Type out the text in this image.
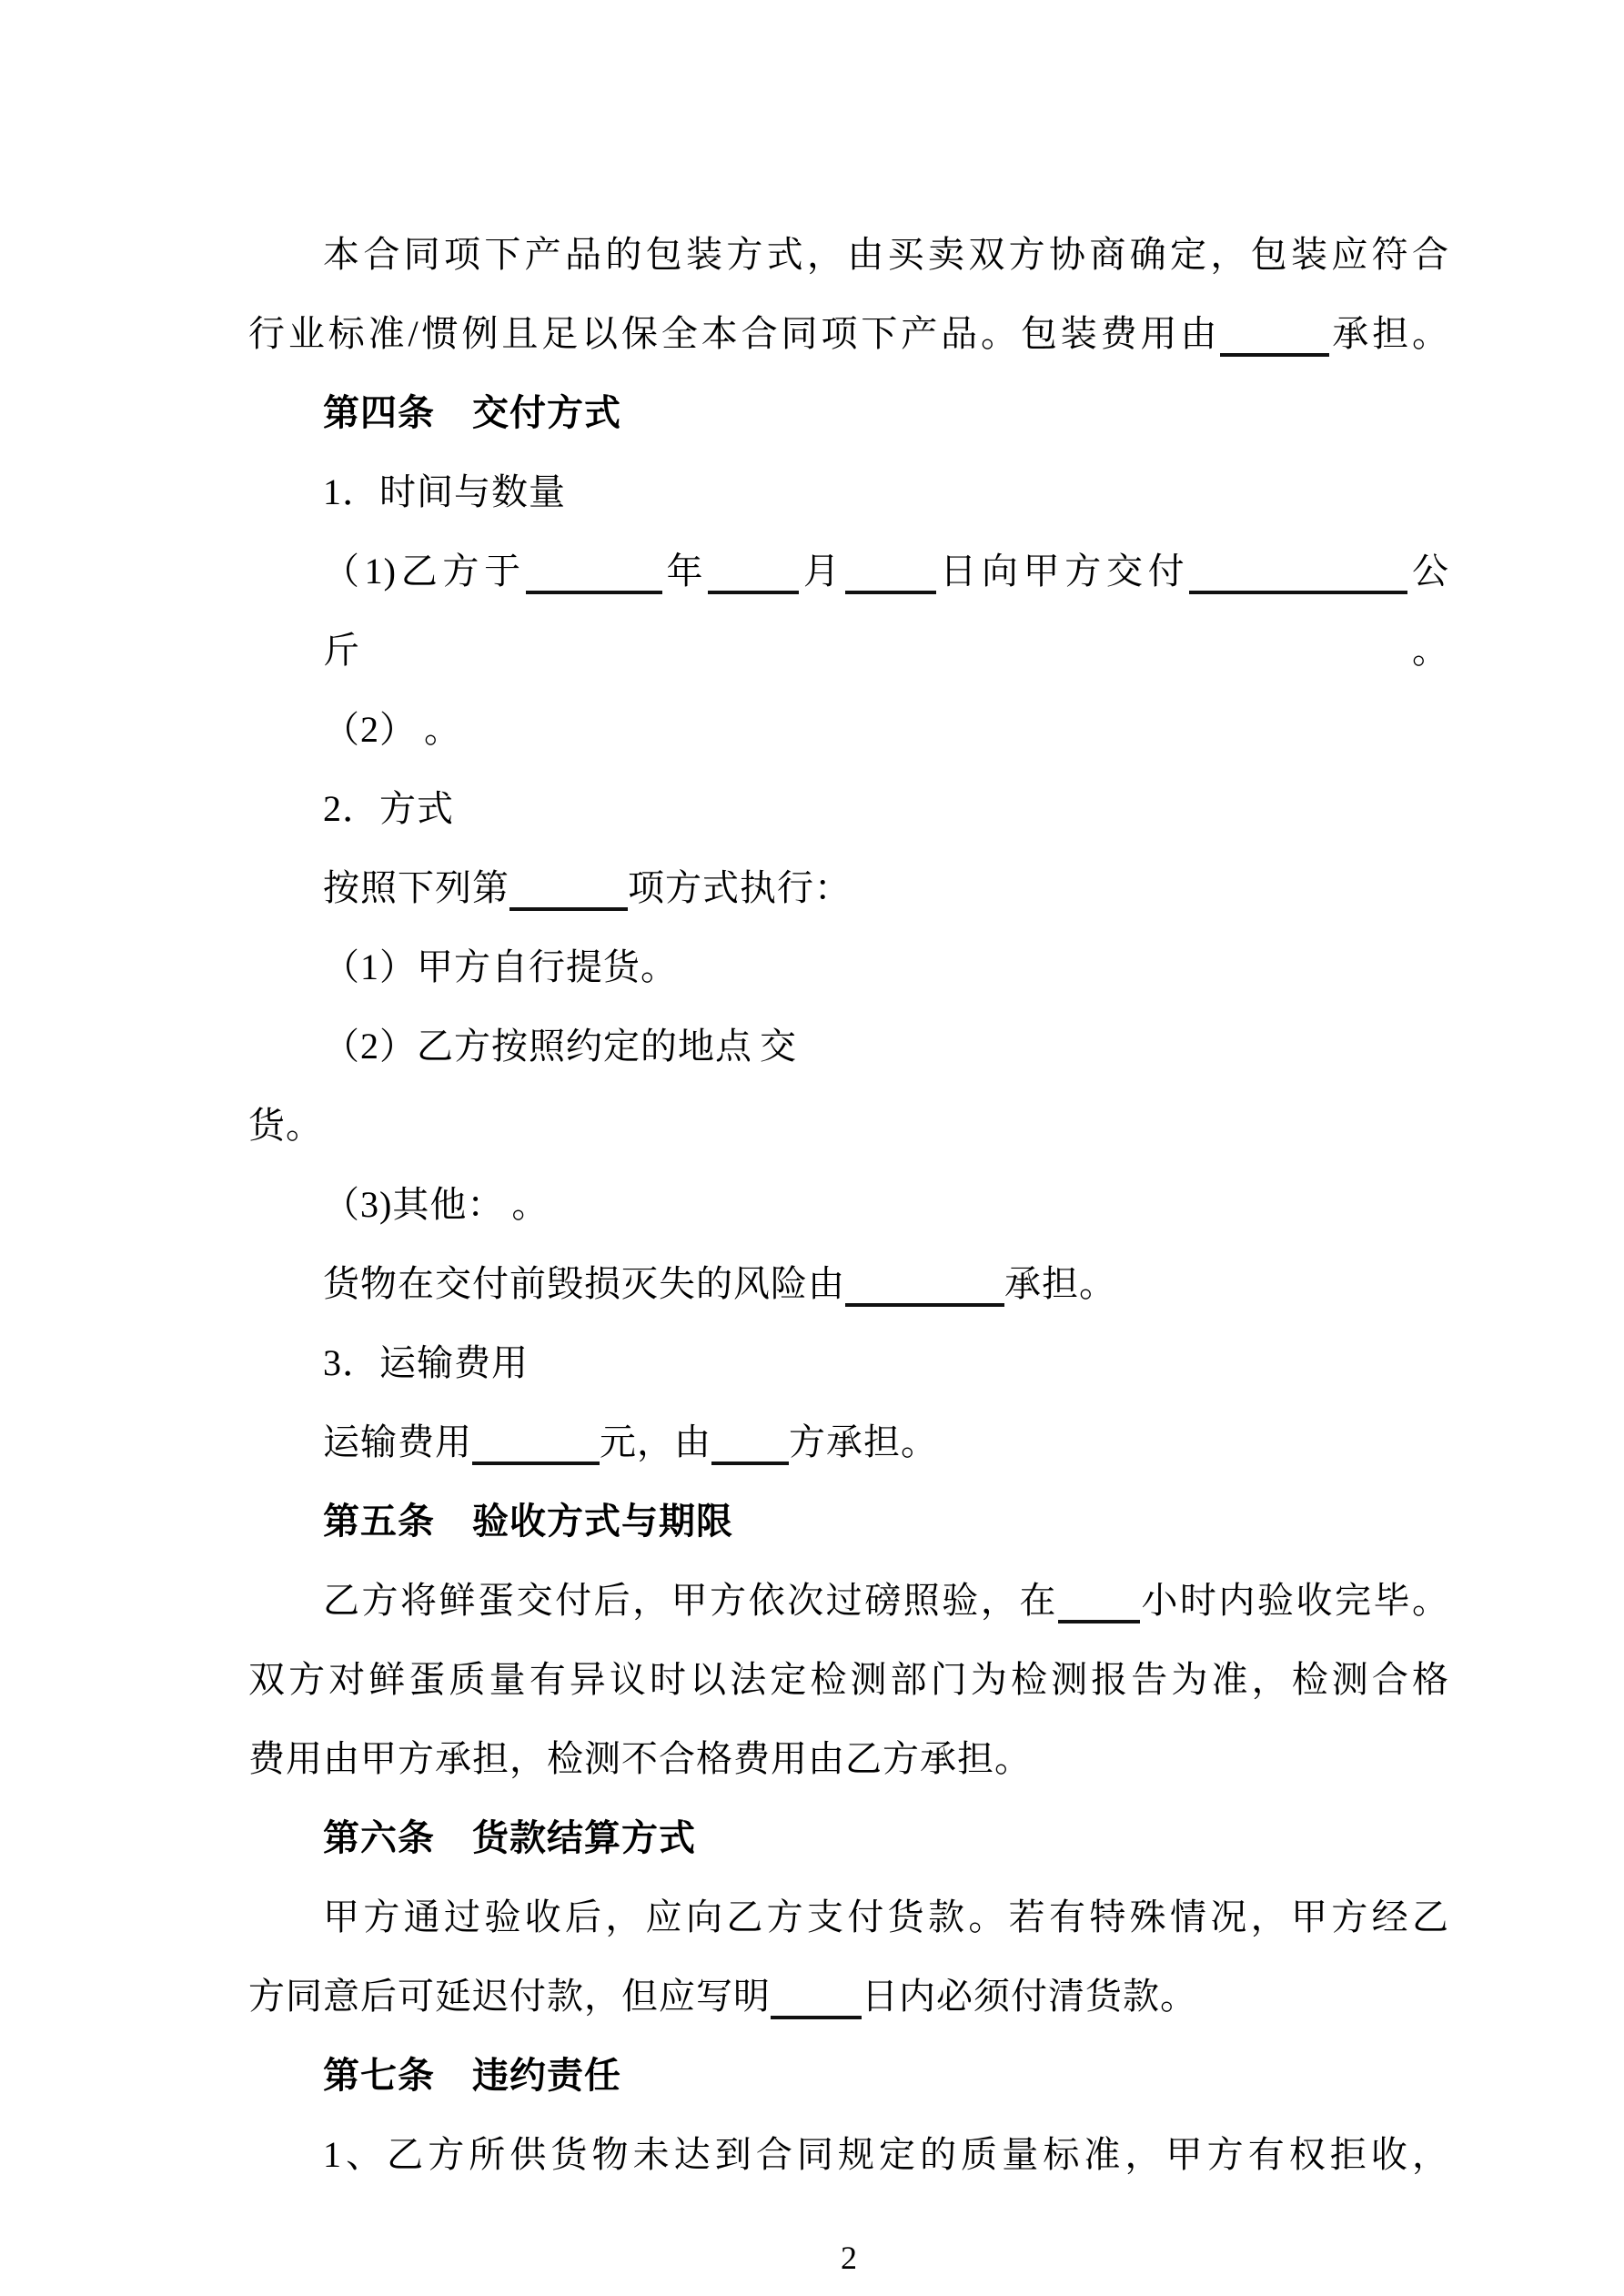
本合同项下产品的包装方式，由买卖双方协商确定，包装应符合
行业标准/惯例且足以保全本合同项下产品。包装费用由	承担。
第四条　交付方式
1．时间与数量
（1)乙方于	年	月	日向甲方交付	公斤。
（2） 。
2．方式
按照下列第	项方式执行：
（1）甲方自行提货。
（2）乙方按照约定的地点 交
货。
（3)其他： 。
货物在交付前毁损灭失的风险由	承担。
3．运输费用
运输费用	元，由 方承担。
第五条　验收方式与期限
乙方将鲜蛋交付后，甲方依次过磅照验，在 小时内验收完毕。
双方对鲜蛋质量有异议时以法定检测部门为检测报告为准，检测合格
费用由甲方承担，检测不合格费用由乙方承担。
第六条　货款结算方式
甲方通过验收后，应向乙方支付货款。若有特殊情况，甲方经乙
方同意后可延迟付款，但应写明	日内必须付清货款。
第七条　违约责任
1、乙方所供货物未达到合同规定的质量标准，甲方有权拒收，
2
